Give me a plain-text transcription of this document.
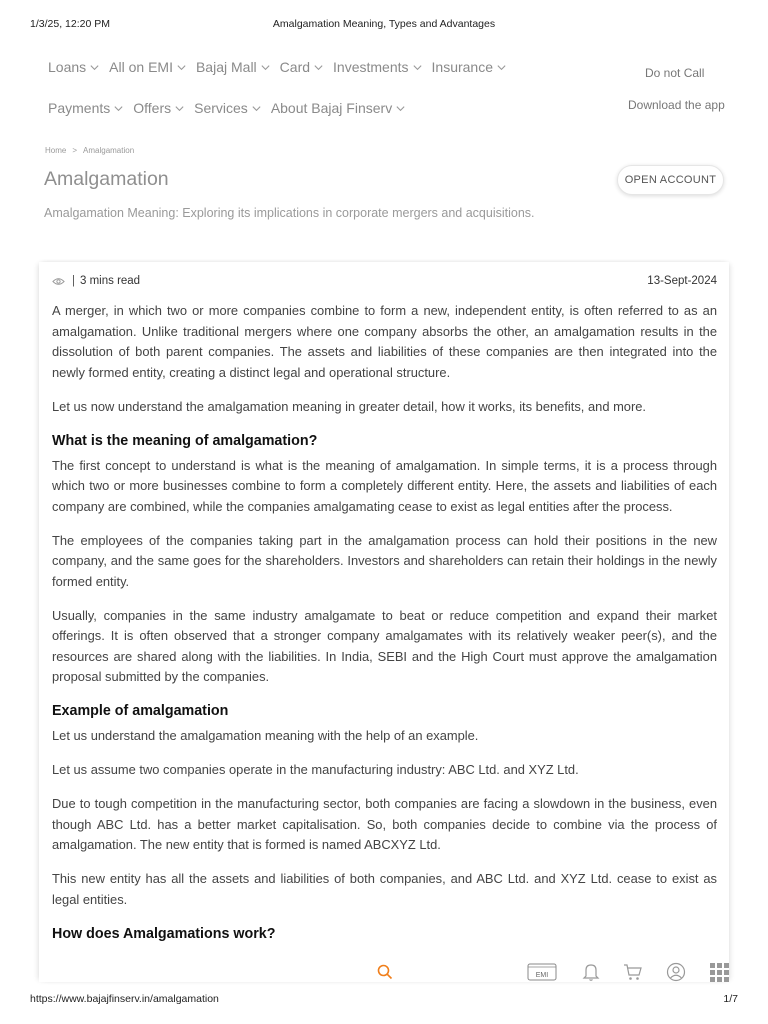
1/3/25, 12:20 PM	Amalgamation Meaning, Types and Advantages
Loans All on EMI Bajaj Mall Card Investments Insurance	Do not Call
Payments Offers Services About Bajaj Finserv	Download the app
Home > Amalgamation
Amalgamation	OPEN ACCOUNT
Amalgamation Meaning: Exploring its implications in corporate mergers and acquisitions.
| 3 mins read	13-Sept-2024

A merger, in which two or more companies combine to form a new, independent entity, is often referred to as an amalgamation. Unlike traditional mergers where one company absorbs the other, an amalgamation results in the dissolution of both parent companies. The assets and liabilities of these companies are then integrated into the newly formed entity, creating a distinct legal and operational structure.

Let us now understand the amalgamation meaning in greater detail, how it works, its benefits, and more.

What is the meaning of amalgamation?

The first concept to understand is what is the meaning of amalgamation. In simple terms, it is a process through which two or more businesses combine to form a completely different entity. Here, the assets and liabilities of each company are combined, while the companies amalgamating cease to exist as legal entities after the process.

The employees of the companies taking part in the amalgamation process can hold their positions in the new company, and the same goes for the shareholders. Investors and shareholders can retain their holdings in the newly formed entity.

Usually, companies in the same industry amalgamate to beat or reduce competition and expand their market offerings. It is often observed that a stronger company amalgamates with its relatively weaker peer(s), and the resources are shared along with the liabilities. In India, SEBI and the High Court must approve the amalgamation proposal submitted by the companies.

Example of amalgamation

Let us understand the amalgamation meaning with the help of an example.

Let us assume two companies operate in the manufacturing industry: ABC Ltd. and XYZ Ltd.

Due to tough competition in the manufacturing sector, both companies are facing a slowdown in the business, even though ABC Ltd. has a better market capitalisation. So, both companies decide to combine via the process of amalgamation. The new entity that is formed is named ABCXYZ Ltd.

This new entity has all the assets and liabilities of both companies, and ABC Ltd. and XYZ Ltd. cease to exist as legal entities.

How does Amalgamations work?
EMI
https://www.bajajfinserv.in/amalgamation	1/7
